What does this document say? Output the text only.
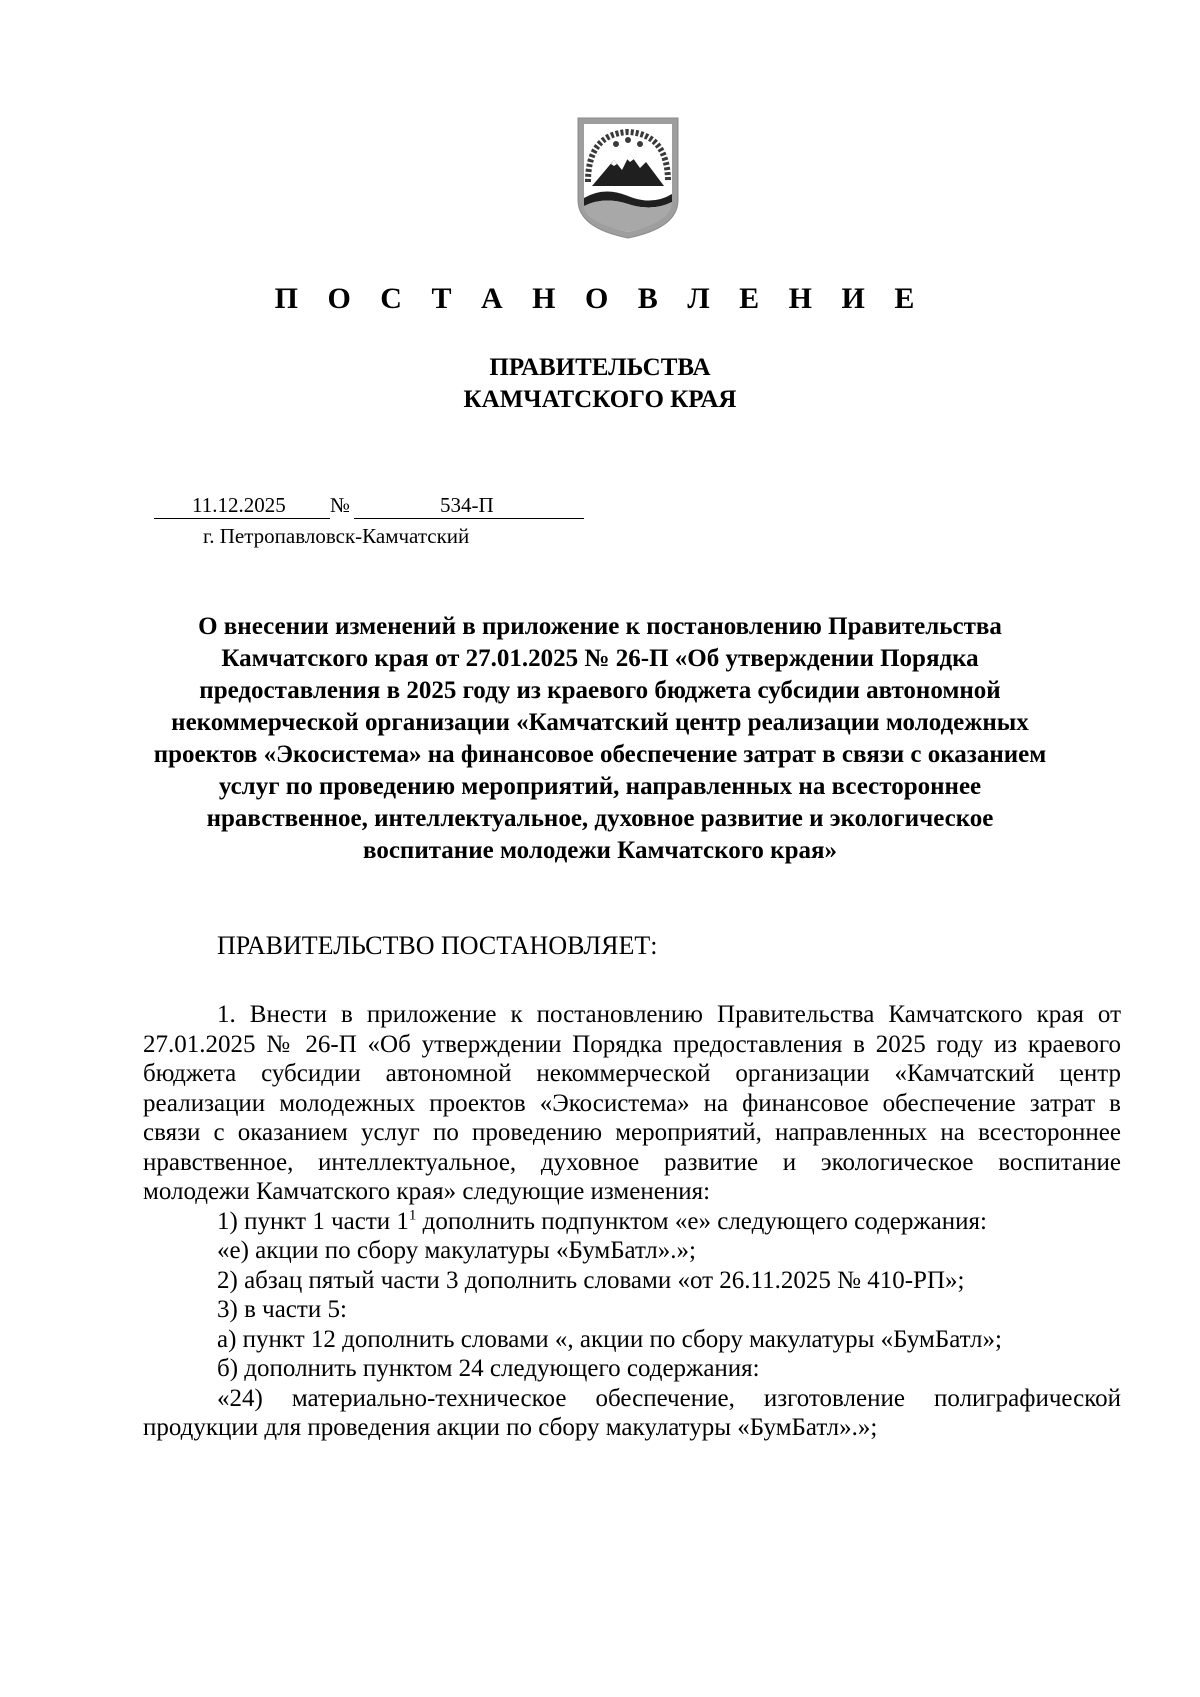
П О С Т А Н О В Л Е Н И Е
ПРАВИТЕЛЬСТВА
КАМЧАТСКОГО КРАЯ
11.12.2025	№	534-П
г. Петропавловск-Камчатский
О внесении изменений в приложение к постановлению Правительства Камчатского края от 27.01.2025 № 26-П «Об утверждении Порядка предоставления в 2025 году из краевого бюджета субсидии автономной некоммерческой организации «Камчатский центр реализации молодежных проектов «Экосистема» на финансовое обеспечение затрат в связи с оказанием услуг по проведению мероприятий, направленных на всестороннее нравственное, интеллектуальное, духовное развитие и экологическое воспитание молодежи Камчатского края»
ПРАВИТЕЛЬСТВО ПОСТАНОВЛЯЕТ:

1. Внести в приложение к постановлению Правительства Камчатского края от 27.01.2025 № 26-П «Об утверждении Порядка предоставления в 2025 году из краевого бюджета субсидии автономной некоммерческой организации «Камчатский центр реализации молодежных проектов «Экосистема» на финансовое обеспечение затрат в связи с оказанием услуг по проведению мероприятий, направленных на всестороннее нравственное, интеллектуальное, духовное развитие и экологическое воспитание молодежи Камчатского края» следующие изменения:

1) пункт 1 части $1^1$ дополнить подпунктом «е» следующего содержания:

«е) акции по сбору макулатуры «БумБатл».»;

2) абзац пятый части 3 дополнить словами «от 26.11.2025 № 410-РП»;

3) в части 5:

а) пункт 12 дополнить словами «, акции по сбору макулатуры «БумБатл»;

б) дополнить пунктом 24 следующего содержания:

«24) материально-техническое обеспечение, изготовление полиграфической продукции для проведения акции по сбору макулатуры «БумБатл».»;
